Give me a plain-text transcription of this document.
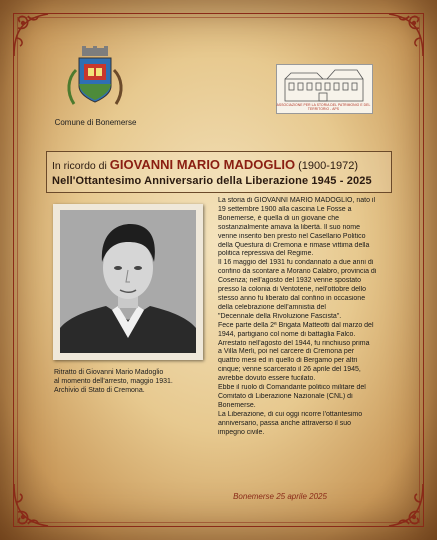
Comune di Bonemerse
ASSOCIAZIONE PER LA STORIA DEL PATRIMONIO E DEL TERRITORIO - APS
In ricordo di GIOVANNI MARIO MADOGLIO (1900-1972)
Nell'Ottantesimo Anniversario della Liberazione 1945 - 2025
Ritratto di Giovanni Mario Madoglio
al momento dell'arresto, maggio 1931.
Archivio di Stato di Cremona.
La storia di GIOVANNI MARIO MADOGLIO, nato il
19 settembre 1900 alla cascina Le Fosse a
Bonemerse, è quella di un giovane che
sostanzialmente amava la libertà. Il suo nome
venne inserito ben presto nel Casellario Politico
della Questura di Cremona e rimase vittima della
politica repressiva del Regime.
Il 16 maggio del 1931 fu condannato a due anni di
confino da scontare a Morano Calabro, provincia di
Cosenza; nell'agosto del 1932 venne spostato
presso la colonia di Ventotene, nell'ottobre dello
stesso anno fu liberato dal confino in occasione
della celebrazione dell'amnistia del
"Decennale della Rivoluzione Fascista".
Fece parte della 2ª Brigata Matteotti dal marzo del
1944, partigiano col nome di battaglia Falco.
Arrestato nell'agosto del 1944, fu rinchiuso prima
a Villa Merli, poi nel carcere di Cremona per
quattro mesi ed in quello di Bergamo per altri
cinque; venne scarcerato il 26 aprile del 1945,
avrebbe dovuto essere fucilato.
Ebbe il ruolo di Comandante politico militare del
Comitato di Liberazione Nazionale (CNL) di
Bonemerse.
La Liberazione, di cui oggi ricorre l'ottantesimo
anniversario, passa anche attraverso il suo
impegno civile.
Bonemerse 25 aprile 2025
